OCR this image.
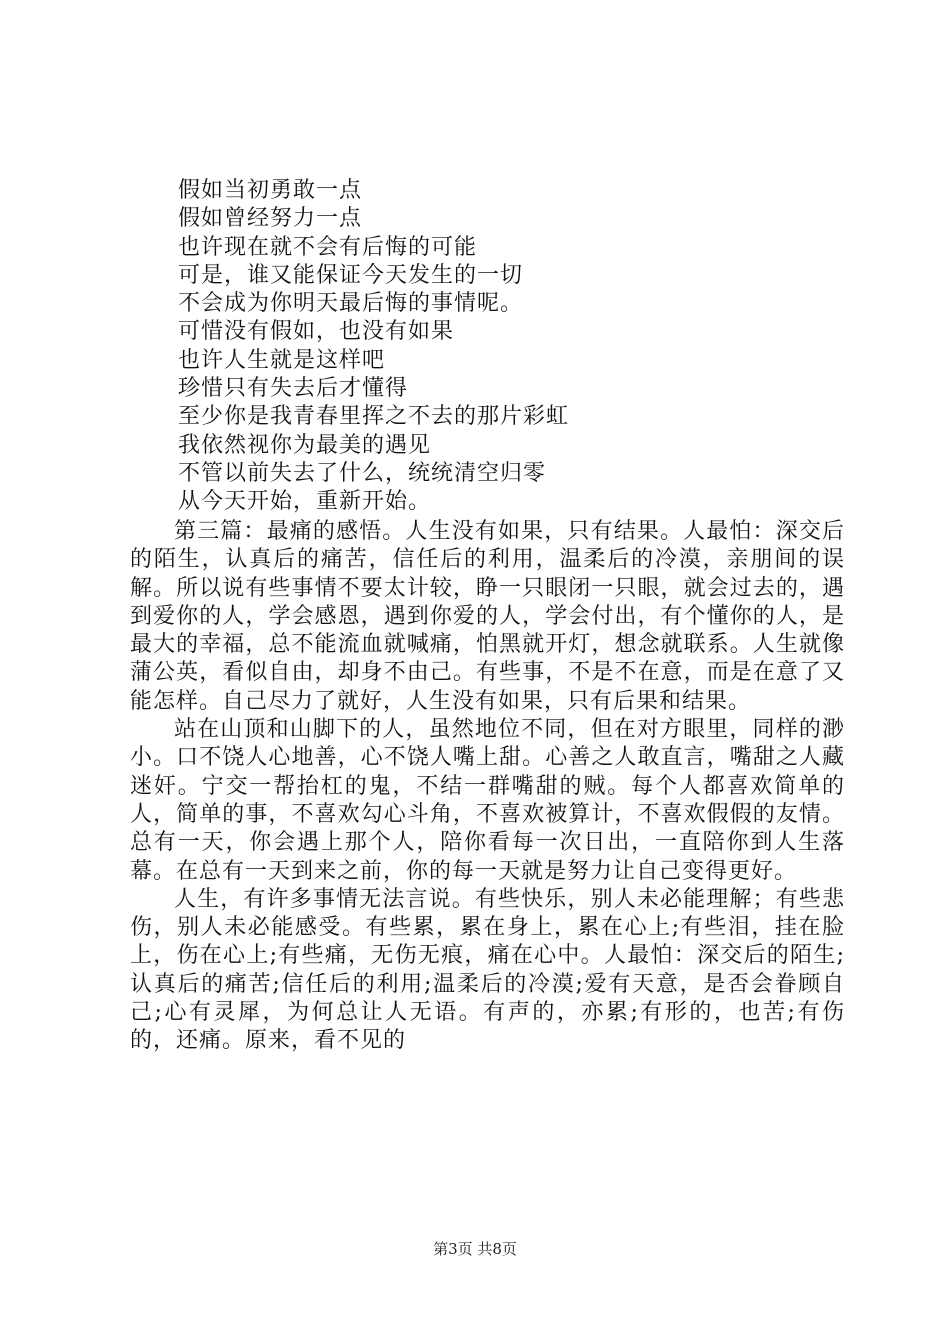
假如当初勇敢一点
假如曾经努力一点
也许现在就不会有后悔的可能
可是，谁又能保证今天发生的一切
不会成为你明天最后悔的事情呢。
可惜没有假如，也没有如果
也许人生就是这样吧
珍惜只有失去后才懂得
至少你是我青春里挥之不去的那片彩虹
我依然视你为最美的遇见
不管以前失去了什么，统统清空归零
从今天开始，重新开始。

第三篇：最痛的感悟。人生没有如果，只有结果。人最怕：深交后的陌生，认真后的痛苦，信任后的利用，温柔后的冷漠，亲朋间的误解。所以说有些事情不要太计较，睁一只眼闭一只眼，就会过去的，遇到爱你的人，学会感恩，遇到你爱的人，学会付出，有个懂你的人，是最大的幸福，总不能流血就喊痛，怕黑就开灯，想念就联系。人生就像蒲公英，看似自由，却身不由己。有些事，不是不在意，而是在意了又能怎样。自己尽力了就好，人生没有如果，只有后果和结果。

站在山顶和山脚下的人，虽然地位不同，但在对方眼里，同样的渺小。口不饶人心地善，心不饶人嘴上甜。心善之人敢直言，嘴甜之人藏迷奸。宁交一帮抬杠的鬼，不结一群嘴甜的贼。每个人都喜欢简单的人，简单的事，不喜欢勾心斗角，不喜欢被算计，不喜欢假假的友情。总有一天，你会遇上那个人，陪你看每一次日出，一直陪你到人生落幕。在总有一天到来之前，你的每一天就是努力让自己变得更好。

人生，有许多事情无法言说。有些快乐，别人未必能理解；有些悲伤，别人未必能感受。有些累，累在身上，累在心上;有些泪，挂在脸上，伤在心上;有些痛，无伤无痕，痛在心中。人最怕：深交后的陌生;认真后的痛苦;信任后的利用;温柔后的冷漠;爱有天意，是否会眷顾自己;心有灵犀，为何总让人无语。有声的，亦累;有形的，也苦;有伤的，还痛。原来，看不见的

第3页 共8页
